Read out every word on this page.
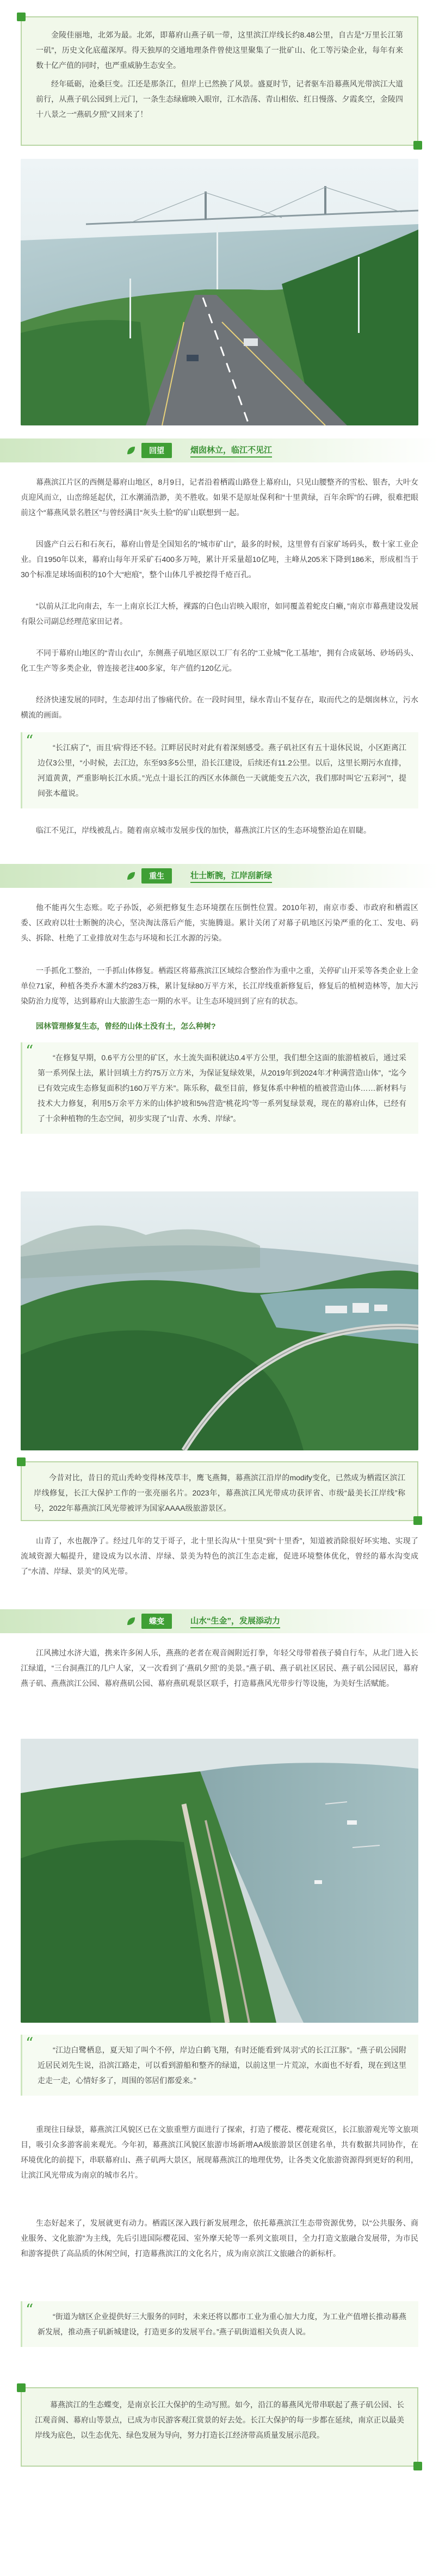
金陵佳丽地，北郊为最。北郊，即幕府山燕子矶一带，这里滨江岸线长约8.48公里，自古是“万里长江第一矶”，历史文化底蕴深厚。得天独厚的交通地理条件曾使这里聚集了一批矿山、化工等污染企业，每年有来数十亿产值的同时，也严重威胁生态安全。

经年砥砺，沧桑巨变。江还是那条江，但岸上已然换了风景。盛夏时节，记者驱车沿幕燕风光带滨江大道前行，从燕子矶公园到上元门，一条生态绿廊映入眼帘，江水浩荡、青山相依、红日慢落、夕霞炙空，金陵四十八景之一“燕矶夕照”又回来了！

回望	烟囱林立，临江不见江
幕燕滨江片区的西侧是幕府山地区，8月9日，记者沿着栖霞山路登上幕府山，只见山腰整齐的雪松、银杏，大叶女贞迎风而立，山峦绵延起伏，江水潮涌浩渺，美不胜收。如果不是原址保利和“十里黄绿，百年余晖”的石碑，很难把眼前这个“幕燕风景名胜区”与曾经满目“灰头土脸”的矿山联想到一起。
因盛产白云石和石灰石，幕府山曾是全国知名的“城市矿山”，最多的时候，这里曾有百家矿场码头，数十家工业企业。自1950年以来，幕府山每年开采矿石400多万吨，累计开采量超10亿吨，主峰从205米下降到186米，形成相当于30个标准足球场面积的10个大“疤痕”，整个山体几乎被挖得千疮百孔。
“以前从江北向南去，车一上南京长江大桥，裸露的白色山岩映入眼帘，如同覆盖着蛇皮白癞，”南京市幕燕建设发展有限公司副总经理范家田记者。
不同于幕府山地区的“青山衣山”，东侧燕子矶地区原以工厂有名的“工业城”“化工基地”，拥有合成氨场、砂场码头、化工生产等多类企业，曾连接老注400多家，年产值约120亿元。
经济快速发展的同时，生态却付出了惨痛代价。在一段时间里，绿水青山不复存在，取而代之的是烟囱林立，污水横流的画面。
“	“长江病了”，而且‘病’得还不轻。江畔居民时对此有着深刻感受。燕子矶社区有五十退休民说，小区距离江边仅3公里，“小时候，去江边，东至93多5公里，沿长江建设，后续还有11.2公里。以后，这里长期污水直排，河道黄黄，严重影响长江水质。”光点十退长江的西区水体颜色一天就能变五六次，我们那时叫它‘五彩河’”，提间张本蕴说。

临江不见江，岸线被乱占。随着南京城市发展步伐的加快，幕燕滨江片区的生态环境整治迫在眉睫。
重生	壮士断腕，江岸刮新绿
他不能再欠生态账。吃子孙饭，必须把修复生态环境摆在压倒性位置。2010年初，南京市委、市政府和栖霞区委、区政府以壮士断腕的决心，坚决淘汰落后产能，实施腾退。累计关闭了对幕子矶地区污染严重的化工、发电、码头、拆除、杜绝了工业排放对生态与环境和长江水源的污染。
一手抓化工整治，一手抓山体修复。栖霞区将幕燕滨江区域综合整治作为重中之重，关停矿山开采等各类企业上金单位71家，种植各类乔木灌木约283万株，累计复绿80万平方米，长江岸线重新修复后，修复后的植树造林等，加大污染防治力度等，达到幕府山大旅游生态一期的水平。让生态环境回到了应有的状态。
园林管理修复生态，曾经的山体土没有土，怎么种树?
“	“在修复早期，0.6平方公里的矿区，水土流失面积就达0.4平方公里，我们想全这面的旅游植被后，通过采第一系列保土法，累计回填土方约75万立方米，为保证复绿效果，从2019年到2024年才种满营造山体”，“迄今已有效完成生态修复面积约160万平方米”。陈乐称，截至目前，修复体系中种植的植被营造山体……新材料与技术大力修复，利用5万余平方米的山体护坡和5%营造“桃花坞”等一系列复绿景观，现在的幕府山体，已经有了十余种植物的生态空间，初步实现了“山青、水秀、岸绿”。

今昔对比，昔日的荒山秃岭变得林茂草丰，鹰飞燕舞，幕燕滨江沿岸的modify变化，已然成为栖霞区滨江岸线修复，长江大保护工作的一张亮丽名片。2023年，幕燕滨江风光带成功获评省、市级“最美长江岸线”称号，2022年幕燕滨江风光带被评为国家AAAA级旅游景区。

山青了，水也靓净了。经过几年的艾于哥子，北十里长沟从“十里臭”到“十里香”，知道被消除很好坏实地、实现了流域资源大幅提升，建设成为以水清、岸绿、景美为特色的滨江生态走廊，促进环境整体优化，曾经的幕水沟变成了“水清、岸绿、景美”的风光带。
蝶变	山水“生金”，发展添动力
江风拂过水济大道，携来许多闲人乐，燕燕的老者在观音阁附近打拳，年轻父母带着孩子骑自行车，从北门进入长江绿道，“三台洞燕江的几户人家，又一次看到了‘燕矶夕照’的美景。”燕子矶、燕子矶社区居民、燕子矶公园居民，幕府燕子矶、燕燕滨江公园、幕府燕矶公园、幕府燕矶观景区联手，打造幕燕风光带步行等设施，为美好生活赋能。
“	“江边白鹭栖息，夏天知了叫个不停，岸边白鹤飞翔，有时还能看到‘凤羽’式的长江江豚”。“燕子矶公园附近居民刘先生说，沿滨江路走，可以看到游船和整齐的绿道，以前这里一片荒凉，水面也不好看，现在到这里走走一走，心情好多了，周围的邻居们都爱来。”

重现往日绿景，幕燕滨江风貌区已在文旅重塑方面进行了探索，打造了樱花、樱花观赏区，长江旅游观光等文旅项目，吸引众多游客前来观光。今年初，幕燕滨江风貌区旅游市场新增AA级旅游景区创建名单，共有数据共同协作，在环境优化的前提下，串联幕府山、燕子矶两大景区，展现幕燕滨江的地理优势，让各类文化旅游资源得到更好的利用，让滨江风光带成为南京的城市名片。
生态好起来了，发展就更有动力。栖霞区深入践行新发展理念，依托幕燕滨江生态带资源优势，以“公共服务、商业服务、文化旅游”为主线，先后引进国际樱花园、室外摩天轮等一系列文旅项目，全力打造文旅融合发展带，为市民和游客提供了高品质的休闲空间，打造幕燕滨江的文化名片，成为南京滨江文旅融合的新标杆。
“	“街道为辖区企业提供好三大服务的同时，未来还将以都市工业为重心加大力度，为工业产值增长推动幕燕新发展，推动燕子矶新城建设，打造更多的发展平台。”燕子矶街道相关负责人说。

幕燕滨江的生态蝶变，是南京长江大保护的生动写照。如今，沿江的幕燕风光带串联起了燕子矶公园、长江观音阁、幕府山等景点，已成为市民游客观江赏景的好去处。长江大保护的每一步都在延续，南京正以最美岸线为底色，以生态优先、绿色发展为导向，努力打造长江经济带高质量发展示范段。
